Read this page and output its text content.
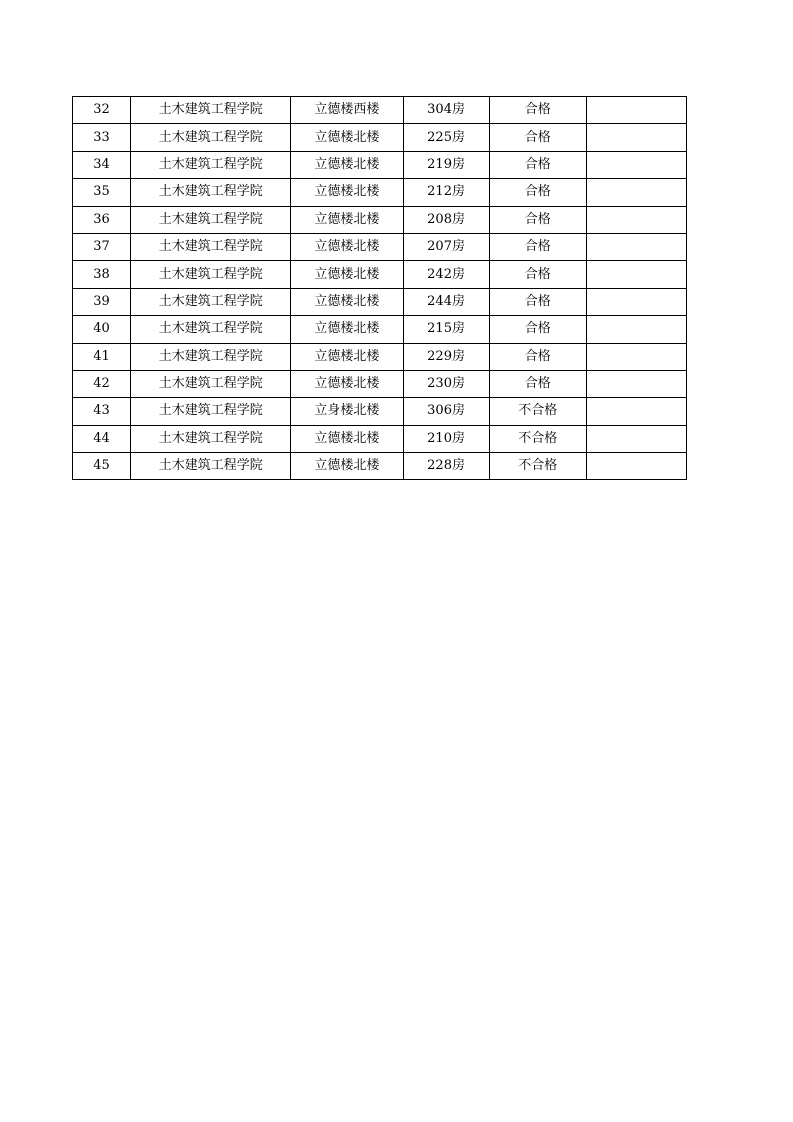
32	土木建筑工程学院	立德楼西楼	304房	合格	
33	土木建筑工程学院	立德楼北楼	225房	合格	
34	土木建筑工程学院	立德楼北楼	219房	合格	
35	土木建筑工程学院	立德楼北楼	212房	合格	
36	土木建筑工程学院	立德楼北楼	208房	合格	
37	土木建筑工程学院	立德楼北楼	207房	合格	
38	土木建筑工程学院	立德楼北楼	242房	合格	
39	土木建筑工程学院	立德楼北楼	244房	合格	
40	土木建筑工程学院	立德楼北楼	215房	合格	
41	土木建筑工程学院	立德楼北楼	229房	合格	
42	土木建筑工程学院	立德楼北楼	230房	合格	
43	土木建筑工程学院	立身楼北楼	306房	不合格	
44	土木建筑工程学院	立德楼北楼	210房	不合格	
45	土木建筑工程学院	立德楼北楼	228房	不合格	
